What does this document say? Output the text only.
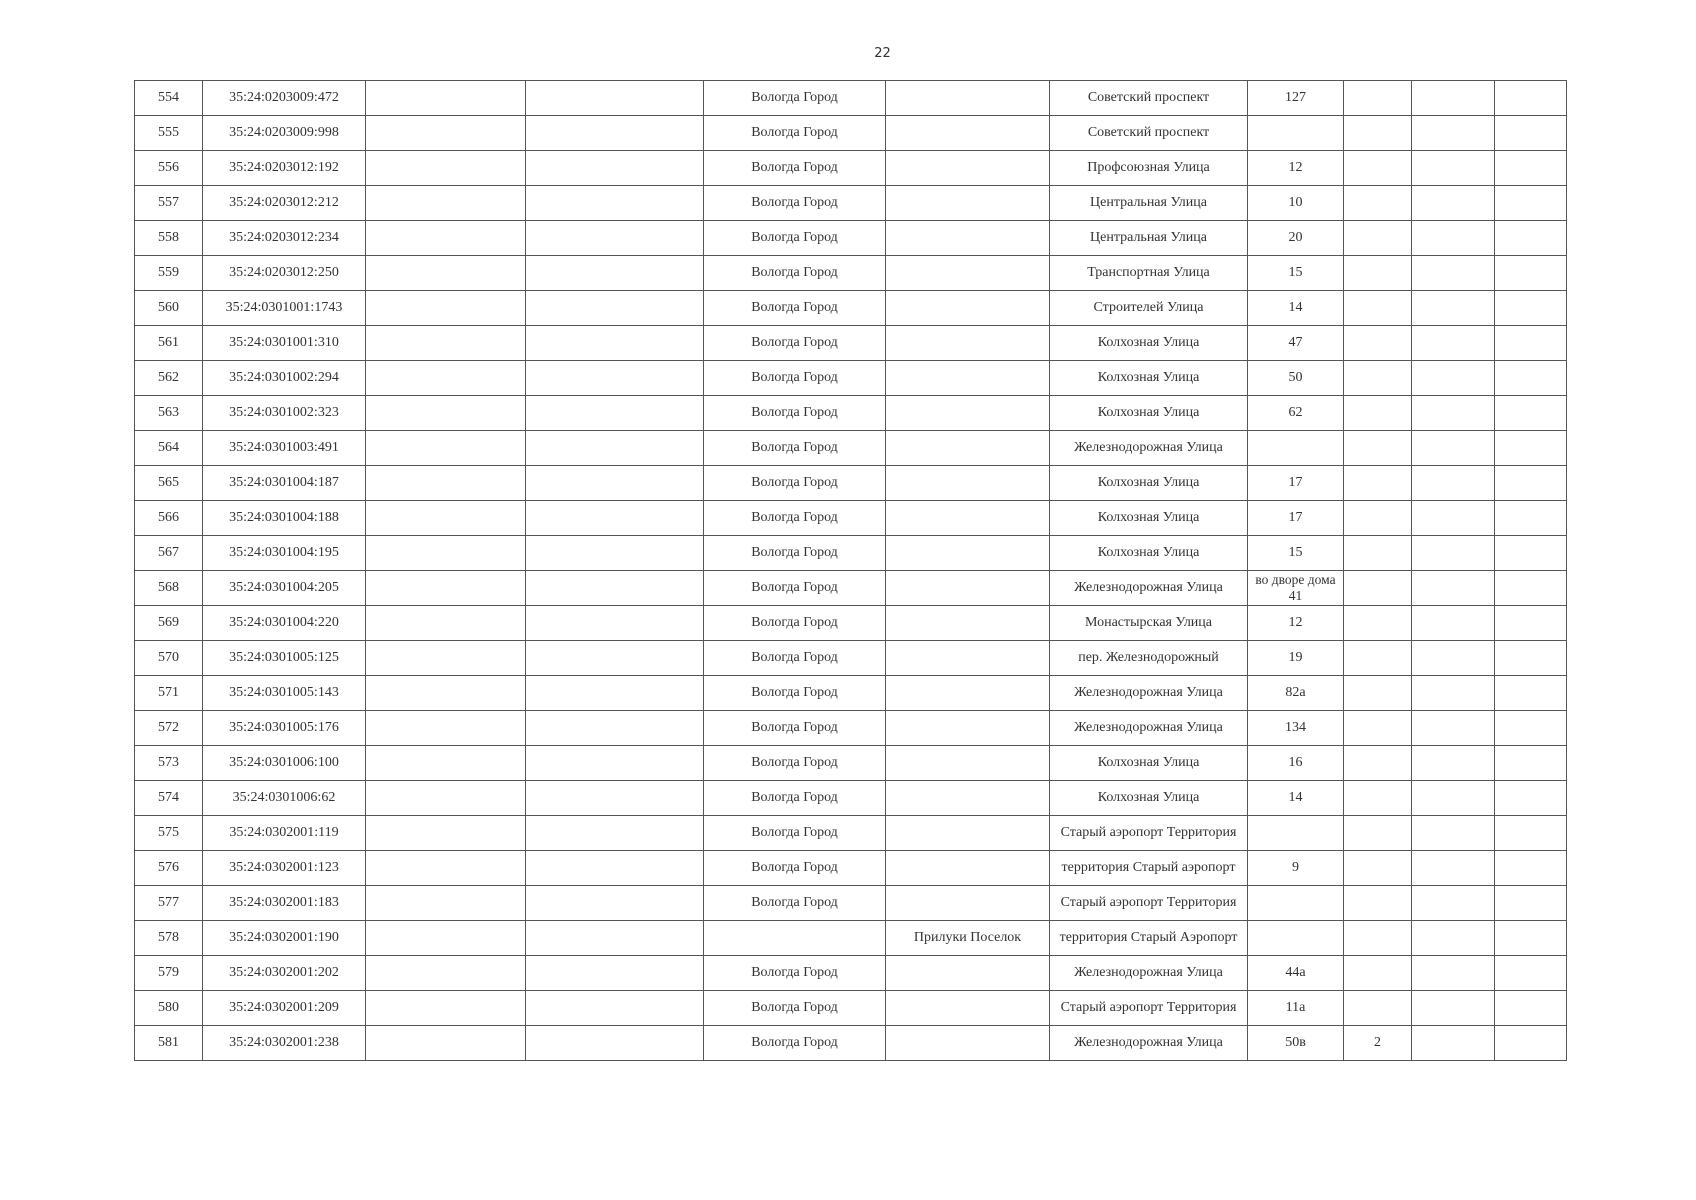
22
554	35:24:0203009:472			Вологда Город		Советский проспект	127			
555	35:24:0203009:998			Вологда Город		Советский проспект				
556	35:24:0203012:192			Вологда Город		Профсоюзная Улица	12			
557	35:24:0203012:212			Вологда Город		Центральная Улица	10			
558	35:24:0203012:234			Вологда Город		Центральная Улица	20			
559	35:24:0203012:250			Вологда Город		Транспортная Улица	15			
560	35:24:0301001:1743			Вологда Город		Строителей Улица	14			
561	35:24:0301001:310			Вологда Город		Колхозная Улица	47			
562	35:24:0301002:294			Вологда Город		Колхозная Улица	50			
563	35:24:0301002:323			Вологда Город		Колхозная Улица	62			
564	35:24:0301003:491			Вологда Город		Железнодорожная Улица				
565	35:24:0301004:187			Вологда Город		Колхозная Улица	17			
566	35:24:0301004:188			Вологда Город		Колхозная Улица	17			
567	35:24:0301004:195			Вологда Город		Колхозная Улица	15			
568	35:24:0301004:205			Вологда Город		Железнодорожная Улица	во дворе дома 41			
569	35:24:0301004:220			Вологда Город		Монастырская Улица	12			
570	35:24:0301005:125			Вологда Город		пер. Железнодорожный	19			
571	35:24:0301005:143			Вологда Город		Железнодорожная Улица	82а			
572	35:24:0301005:176			Вологда Город		Железнодорожная Улица	134			
573	35:24:0301006:100			Вологда Город		Колхозная Улица	16			
574	35:24:0301006:62			Вологда Город		Колхозная Улица	14			
575	35:24:0302001:119			Вологда Город		Старый аэропорт Территория				
576	35:24:0302001:123			Вологда Город		территория Старый аэропорт	9			
577	35:24:0302001:183			Вологда Город		Старый аэропорт Территория				
578	35:24:0302001:190				Прилуки Поселок	территория Старый Аэропорт				
579	35:24:0302001:202			Вологда Город		Железнодорожная Улица	44а			
580	35:24:0302001:209			Вологда Город		Старый аэропорт Территория	11а			
581	35:24:0302001:238			Вологда Город		Железнодорожная Улица	50в	2		
